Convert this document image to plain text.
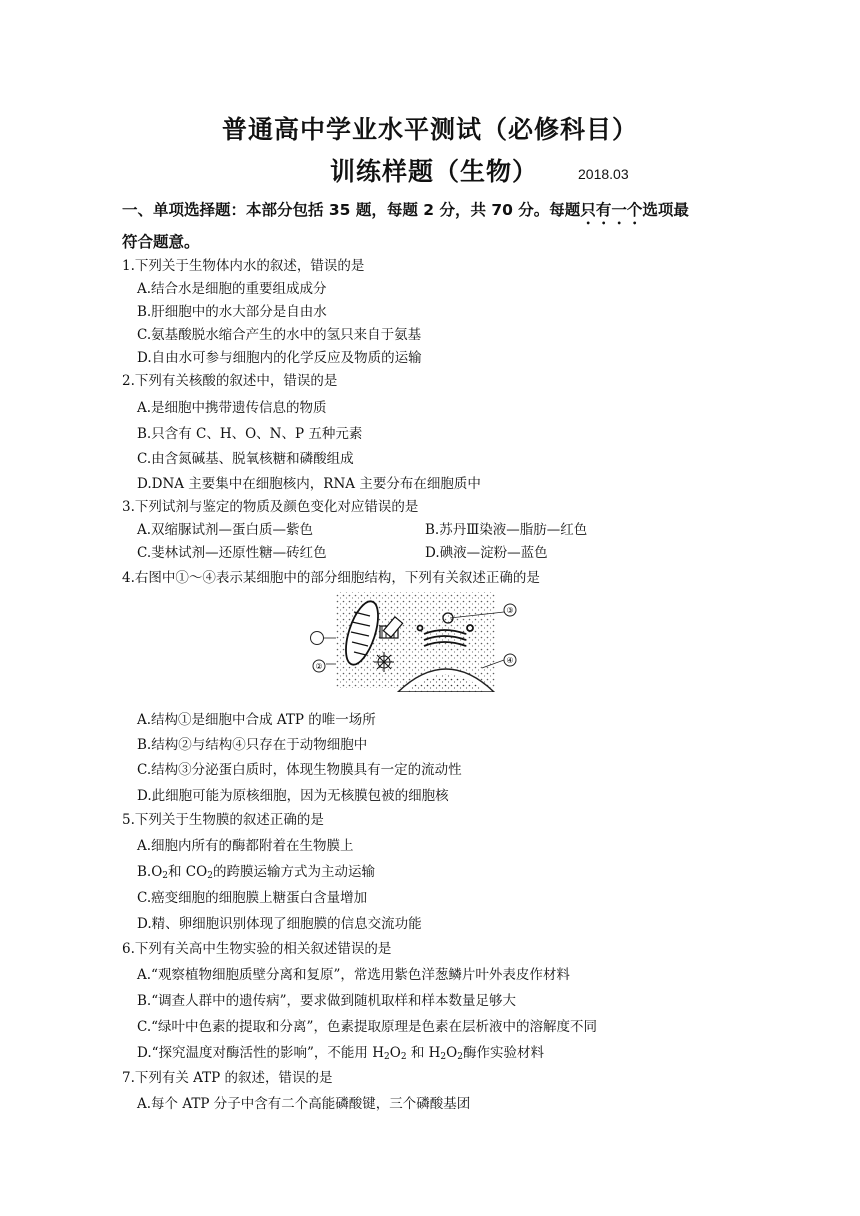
普通高中学业水平测试（必修科目）
训练样题（生物）	2018.03
一、单项选择题：本部分包括 35 题，每题 2 分，共 70 分。每题只有一个选项最
符合题意。
1.下列关于生物体内水的叙述，错误的是
A.结合水是细胞的重要组成成分
B.肝细胞中的水大部分是自由水
C.氨基酸脱水缩合产生的水中的氢只来自于氨基
D.自由水可参与细胞内的化学反应及物质的运输
2.下列有关核酸的叙述中，错误的是
A.是细胞中携带遗传信息的物质
B.只含有 C、H、O、N、P 五种元素
C.由含氮碱基、脱氧核糖和磷酸组成
D.DNA 主要集中在细胞核内，RNA 主要分布在细胞质中
3.下列试剂与鉴定的物质及颜色变化对应错误的是
A.双缩脲试剂—蛋白质—紫色	B.苏丹Ⅲ染液—脂肪—红色
C.斐林试剂—还原性糖—砖红色	D.碘液—淀粉—蓝色
4.右图中①～④表示某细胞中的部分细胞结构，下列有关叙述正确的是
②
③
④
A.结构①是细胞中合成 ATP 的唯一场所
B.结构②与结构④只存在于动物细胞中
C.结构③分泌蛋白质时，体现生物膜具有一定的流动性
D.此细胞可能为原核细胞，因为无核膜包被的细胞核
5.下列关于生物膜的叙述正确的是
A.细胞内所有的酶都附着在生物膜上
$B.O_2$和 $CO_2$的跨膜运输方式为主动运输
C.癌变细胞的细胞膜上糖蛋白含量增加
D.精、卵细胞识别体现了细胞膜的信息交流功能
6.下列有关高中生物实验的相关叙述错误的是
A.“观察植物细胞质壁分离和复原”，常选用紫色洋葱鳞片叶外表皮作材料
B.“调查人群中的遗传病”，要求做到随机取样和样本数量足够大
C.“绿叶中色素的提取和分离”，色素提取原理是色素在层析液中的溶解度不同
D.“探究温度对酶活性的影响”，不能用 $H_2O_2$ 和 $H_2O_2$酶作实验材料
7.下列有关 ATP 的叙述，错误的是
A.每个 ATP 分子中含有二个高能磷酸键，三个磷酸基团
